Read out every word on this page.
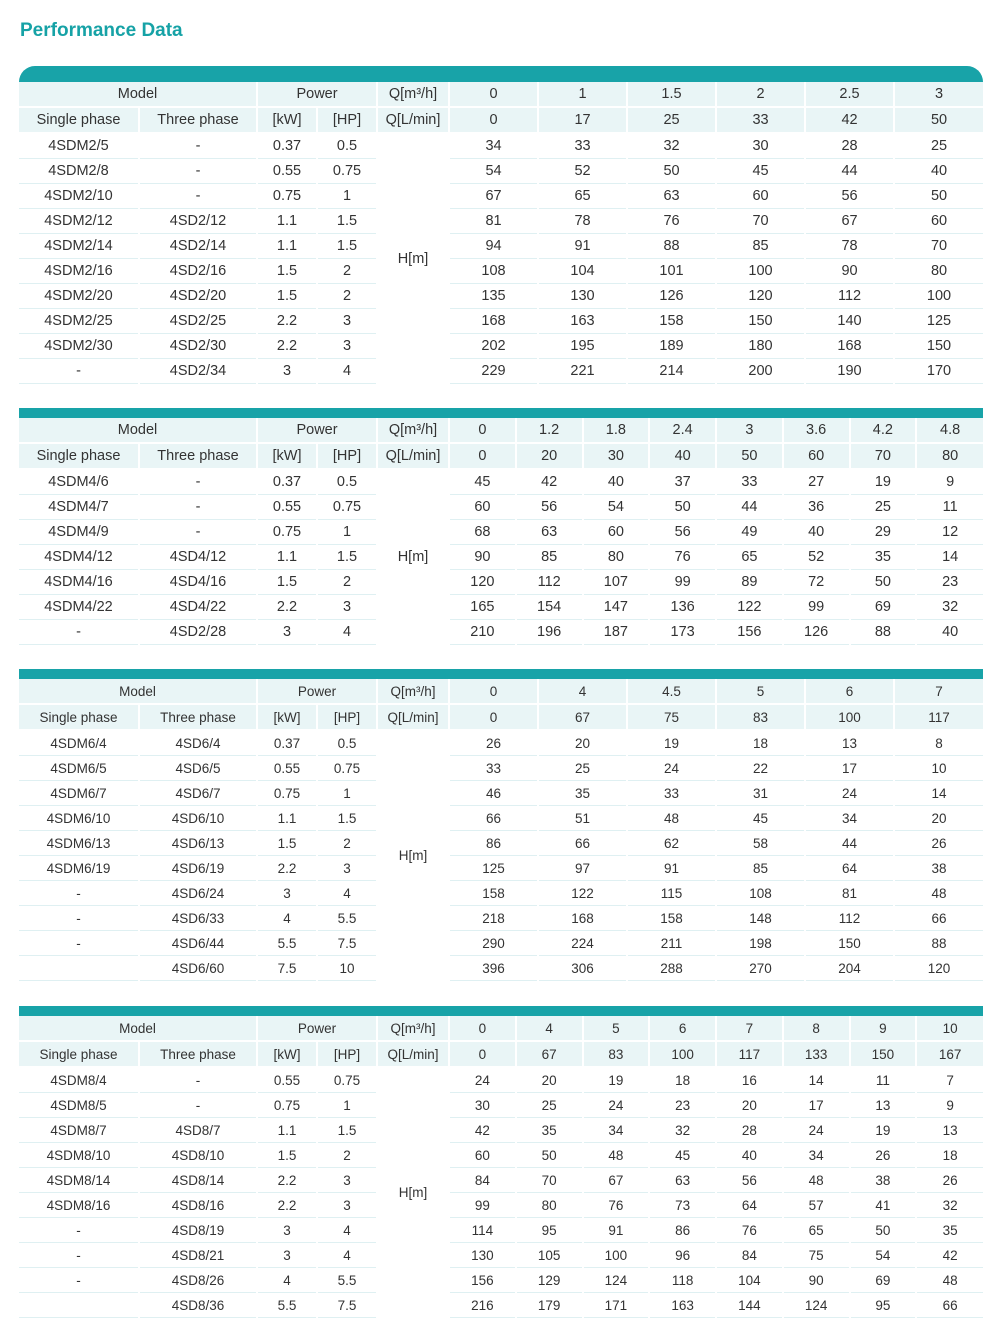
Performance Data
Model		Power		Q[m³/h]	0	1	1.5	2	2.5	3
Single phase	Three phase	[kW]	[HP]	Q[L/min]	0	17	25	33	42	50
4SDM2/5	-	0.37	0.5	H[m]	34	33	32	30	28	25
4SDM2/8	-	0.55	0.75		54	52	50	45	44	40
4SDM2/10	-	0.75	1		67	65	63	60	56	50
4SDM2/12	4SD2/12	1.1	1.5		81	78	76	70	67	60
4SDM2/14	4SD2/14	1.1	1.5		94	91	88	85	78	70
4SDM2/16	4SD2/16	1.5	2		108	104	101	100	90	80
4SDM2/20	4SD2/20	1.5	2		135	130	126	120	112	100
4SDM2/25	4SD2/25	2.2	3		168	163	158	150	140	125
4SDM2/30	4SD2/30	2.2	3		202	195	189	180	168	150
-	4SD2/34	3	4		229	221	214	200	190	170
Model		Power		Q[m³/h]	0	1.2	1.8	2.4	3	3.6	4.2	4.8
Single phase	Three phase	[kW]	[HP]	Q[L/min]	0	20	30	40	50	60	70	80
4SDM4/6	-	0.37	0.5	H[m]	45	42	40	37	33	27	19	9
4SDM4/7	-	0.55	0.75		60	56	54	50	44	36	25	11
4SDM4/9	-	0.75	1		68	63	60	56	49	40	29	12
4SDM4/12	4SD4/12	1.1	1.5		90	85	80	76	65	52	35	14
4SDM4/16	4SD4/16	1.5	2		120	112	107	99	89	72	50	23
4SDM4/22	4SD4/22	2.2	3		165	154	147	136	122	99	69	32
-	4SD2/28	3	4		210	196	187	173	156	126	88	40
Model		Power		Q[m³/h]	0	4	4.5	5	6	7
Single phase	Three phase	[kW]	[HP]	Q[L/min]	0	67	75	83	100	117
4SDM6/4	4SD6/4	0.37	0.5	H[m]	26	20	19	18	13	8
4SDM6/5	4SD6/5	0.55	0.75		33	25	24	22	17	10
4SDM6/7	4SD6/7	0.75	1		46	35	33	31	24	14
4SDM6/10	4SD6/10	1.1	1.5		66	51	48	45	34	20
4SDM6/13	4SD6/13	1.5	2		86	66	62	58	44	26
4SDM6/19	4SD6/19	2.2	3		125	97	91	85	64	38
-	4SD6/24	3	4		158	122	115	108	81	48
-	4SD6/33	4	5.5		218	168	158	148	112	66
-	4SD6/44	5.5	7.5		290	224	211	198	150	88
	4SD6/60	7.5	10		396	306	288	270	204	120
Model		Power		Q[m³/h]	0	4	5	6	7	8	9	10
Single phase	Three phase	[kW]	[HP]	Q[L/min]	0	67	83	100	117	133	150	167
4SDM8/4	-	0.55	0.75	H[m]	24	20	19	18	16	14	11	7
4SDM8/5	-	0.75	1		30	25	24	23	20	17	13	9
4SDM8/7	4SD8/7	1.1	1.5		42	35	34	32	28	24	19	13
4SDM8/10	4SD8/10	1.5	2		60	50	48	45	40	34	26	18
4SDM8/14	4SD8/14	2.2	3		84	70	67	63	56	48	38	26
4SDM8/16	4SD8/16	2.2	3		99	80	76	73	64	57	41	32
-	4SD8/19	3	4		114	95	91	86	76	65	50	35
-	4SD8/21	3	4		130	105	100	96	84	75	54	42
-	4SD8/26	4	5.5		156	129	124	118	104	90	69	48
	4SD8/36	5.5	7.5		216	179	171	163	144	124	95	66
